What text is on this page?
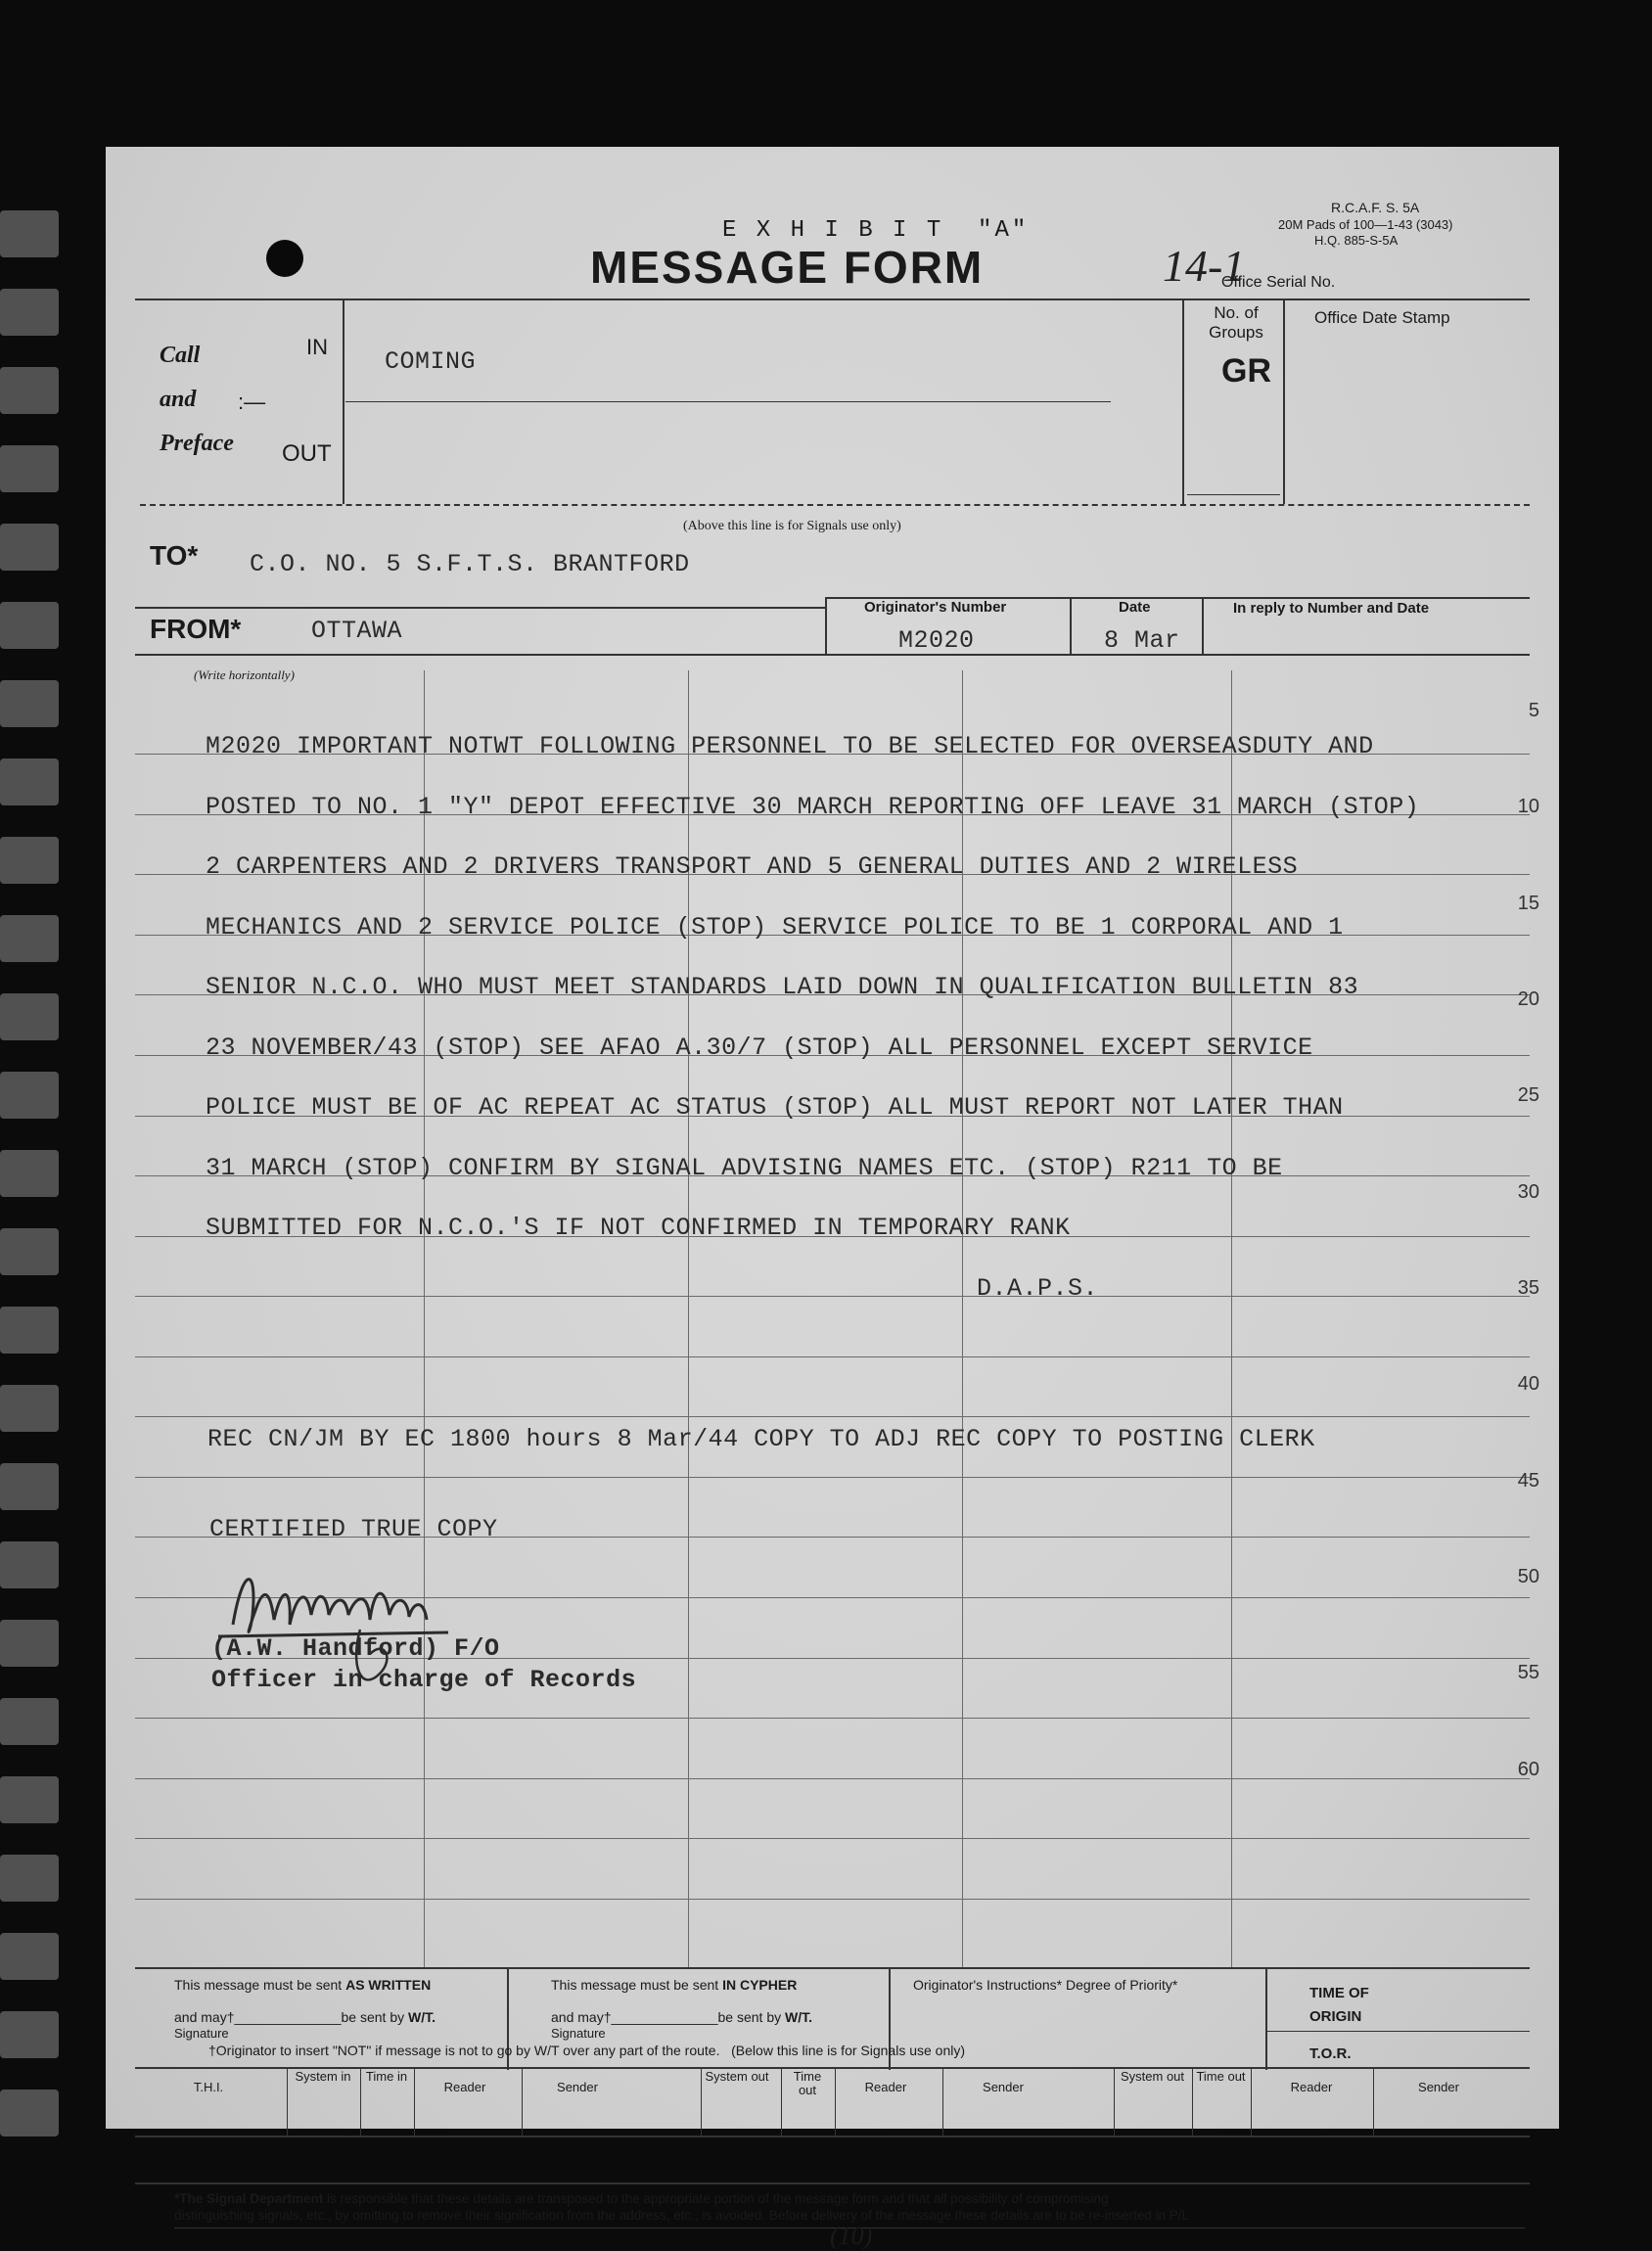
R.C.A.F. S. 5A
20M Pads of 100—1-43 (3043)
H.Q. 885-S-5A
14-1
Office Serial No.
E X H I B I T  "A"
MESSAGE FORM
Call
and
Preface
:—
IN
OUT
COMING
No. of Groups
GR
Office Date Stamp
(Above this line is for Signals use only)
TO* C.O. NO. 5 S.F.T.S. BRANTFORD
FROM*	OTTAWA
(Write horizontally)
Originator's Number
M2020
Date
8 Mar
In reply to Number and Date
5
10
15
20
25
30
35
40
45
50
55
60
M2020 IMPORTANT NOTWT FOLLOWING PERSONNEL TO BE SELECTED FOR OVERSEASDUTY AND
POSTED TO NO. 1 "Y" DEPOT EFFECTIVE 30 MARCH REPORTING OFF LEAVE 31 MARCH (STOP)
2 CARPENTERS AND 2 DRIVERS TRANSPORT AND 5 GENERAL DUTIES AND 2 WIRELESS
MECHANICS AND 2 SERVICE POLICE (STOP) SERVICE POLICE TO BE 1 CORPORAL AND 1
SENIOR N.C.O. WHO MUST MEET STANDARDS LAID DOWN IN QUALIFICATION BULLETIN 83
23 NOVEMBER/43 (STOP) SEE AFAO A.30/7 (STOP) ALL PERSONNEL EXCEPT SERVICE
POLICE MUST BE OF AC REPEAT AC STATUS (STOP) ALL MUST REPORT NOT LATER THAN
31 MARCH (STOP) CONFIRM BY SIGNAL ADVISING NAMES ETC. (STOP) R211 TO BE
SUBMITTED FOR N.C.O.'S IF NOT CONFIRMED IN TEMPORARY RANK
D.A.P.S.
REC CN/JM BY EC 1800 hours 8 Mar/44 COPY TO ADJ REC COPY TO POSTING CLERK
CERTIFIED TRUE COPY
(A.W. Handford) F/O
Officer in charge of Records
This message must be sent AS WRITTEN
and may†______________be sent by W/T.
Signature
This message must be sent IN CYPHER
and may†______________be sent by W/T.
Signature
Originator's Instructions* Degree of Priority*	TIME OF ORIGIN
T.O.R.
†Originator to insert "NOT" if message is not to go by W/T over any part of the route. (Below this line is for Signals use only)
T.H.I.
System in	Time in
Reader	Sender
System out	Time out	Reader	Sender
System out Time out
Reader	Sender
*The Signal Department is responsible that these details are transposed to the appropriate portion of the message form and that all possibility of compromising
distinguishing signals, etc., by omitting to remove their signification from the address, etc., is avoided. Before delivery of the message these details are to be re-inserted in P/L
(10)
